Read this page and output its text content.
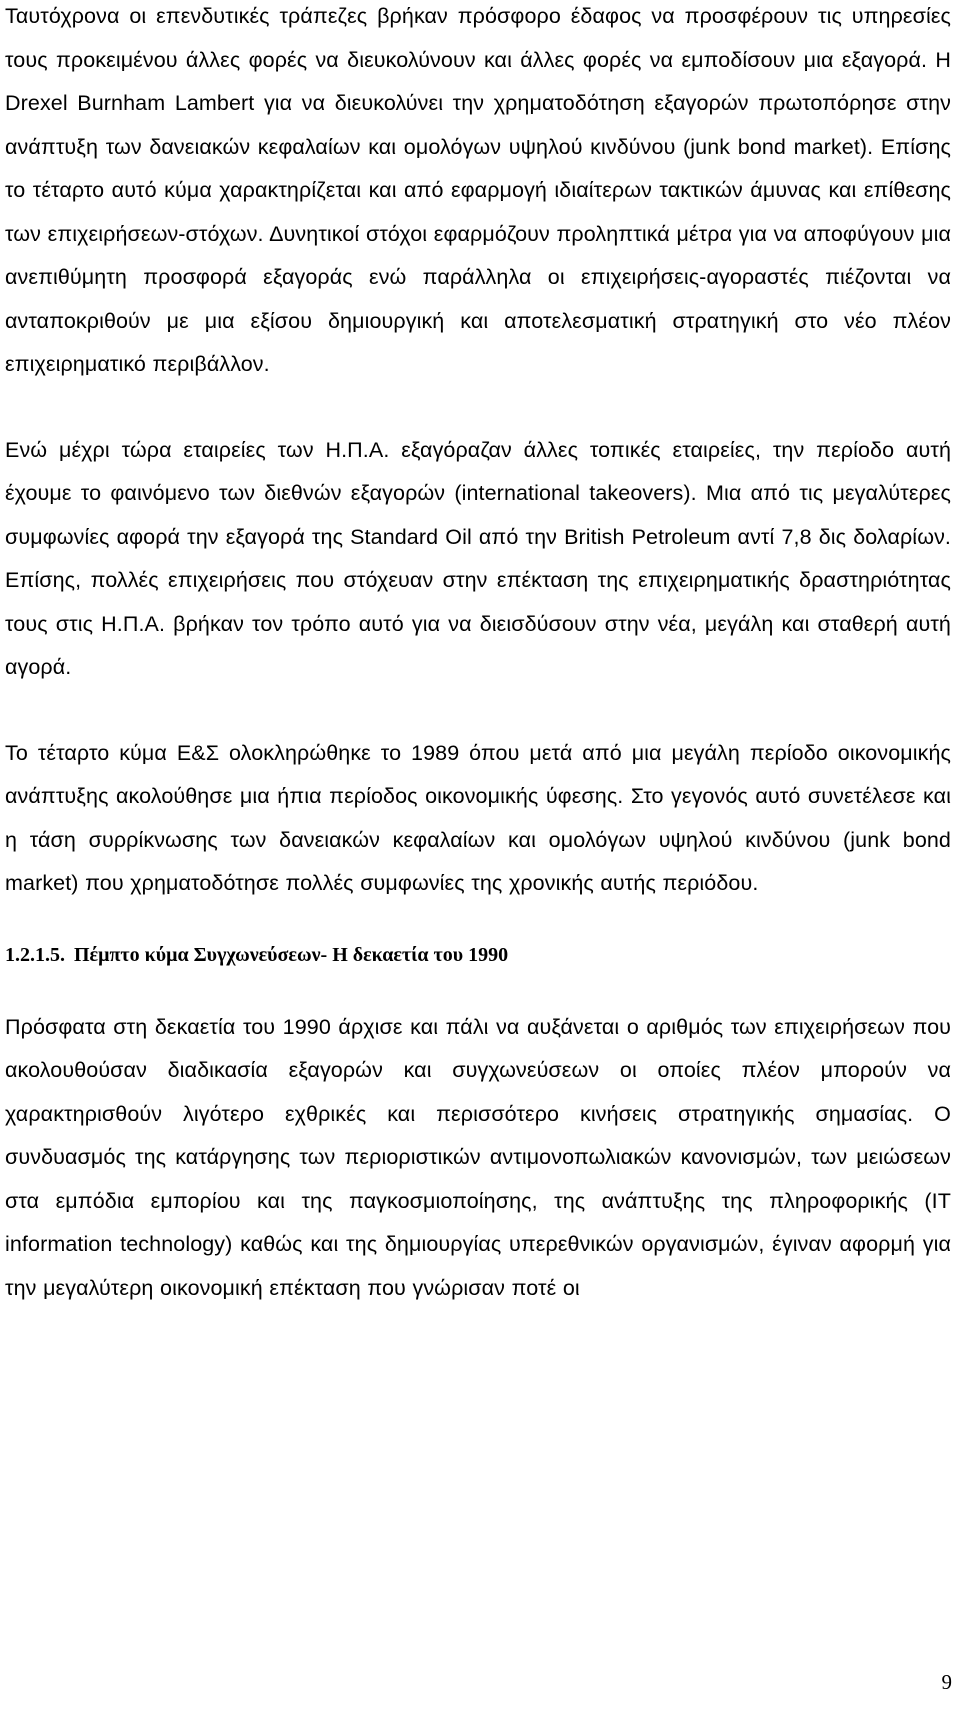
Ταυτόχρονα οι επενδυτικές τράπεζες βρήκαν πρόσφορο έδαφος να προσφέρουν τις υπηρεσίες τους προκειμένου άλλες φορές να διευκολύνουν και άλλες φορές να εμποδίσουν μια εξαγορά. Η Drexel Burnham Lambert για να διευκολύνει την χρηματοδότηση εξαγορών πρωτοπόρησε στην ανάπτυξη των δανειακών κεφαλαίων και ομολόγων υψηλού κινδύνου (junk bond market). Επίσης το τέταρτο αυτό κύμα χαρακτηρίζεται και από εφαρμογή ιδιαίτερων τακτικών άμυνας και επίθεσης των επιχειρήσεων-στόχων. Δυνητικοί στόχοι εφαρμόζουν προληπτικά μέτρα για να αποφύγουν μια ανεπιθύμητη προσφορά εξαγοράς ενώ παράλληλα οι επιχειρήσεις-αγοραστές πιέζονται να ανταποκριθούν με μια εξίσου δημιουργική και αποτελεσματική στρατηγική στο νέο πλέον επιχειρηματικό περιβάλλον.

Ενώ μέχρι τώρα εταιρείες των Η.Π.Α. εξαγόραζαν άλλες τοπικές εταιρείες, την περίοδο αυτή έχουμε το φαινόμενο των διεθνών εξαγορών (international takeovers). Μια από τις μεγαλύτερες συμφωνίες αφορά την εξαγορά της Standard Oil από την British Petroleum αντί 7,8 δις δολαρίων. Επίσης, πολλές επιχειρήσεις που στόχευαν στην επέκταση της επιχειρηματικής δραστηριότητας τους στις Η.Π.Α. βρήκαν τον τρόπο αυτό για να διεισδύσουν στην νέα, μεγάλη και σταθερή αυτή αγορά.

Το τέταρτο κύμα Ε&Σ ολοκληρώθηκε το 1989 όπου μετά από μια μεγάλη περίοδο οικονομικής ανάπτυξης ακολούθησε μια ήπια περίοδος οικονομικής ύφεσης. Στο γεγονός αυτό συνετέλεσε και η τάση συρρίκνωσης των δανειακών κεφαλαίων και ομολόγων υψηλού κινδύνου (junk bond market) που χρηματοδότησε πολλές συμφωνίες της χρονικής αυτής περιόδου.

1.2.1.5. Πέμπτο κύμα Συγχωνεύσεων- Η δεκαετία του 1990

Πρόσφατα στη δεκαετία του 1990 άρχισε και πάλι να αυξάνεται ο αριθμός των επιχειρήσεων που ακολουθούσαν διαδικασία εξαγορών και συγχωνεύσεων οι οποίες πλέον μπορούν να χαρακτηρισθούν λιγότερο εχθρικές και περισσότερο κινήσεις στρατηγικής σημασίας. Ο συνδυασμός της κατάργησης των περιοριστικών αντιμονοπωλιακών κανονισμών, των μειώσεων στα εμπόδια εμπορίου και της παγκοσμιοποίησης, της ανάπτυξης της πληροφορικής (IT information technology) καθώς και της δημιουργίας υπερεθνικών οργανισμών, έγιναν αφορμή για την μεγαλύτερη οικονομική επέκταση που γνώρισαν ποτέ οι

9
